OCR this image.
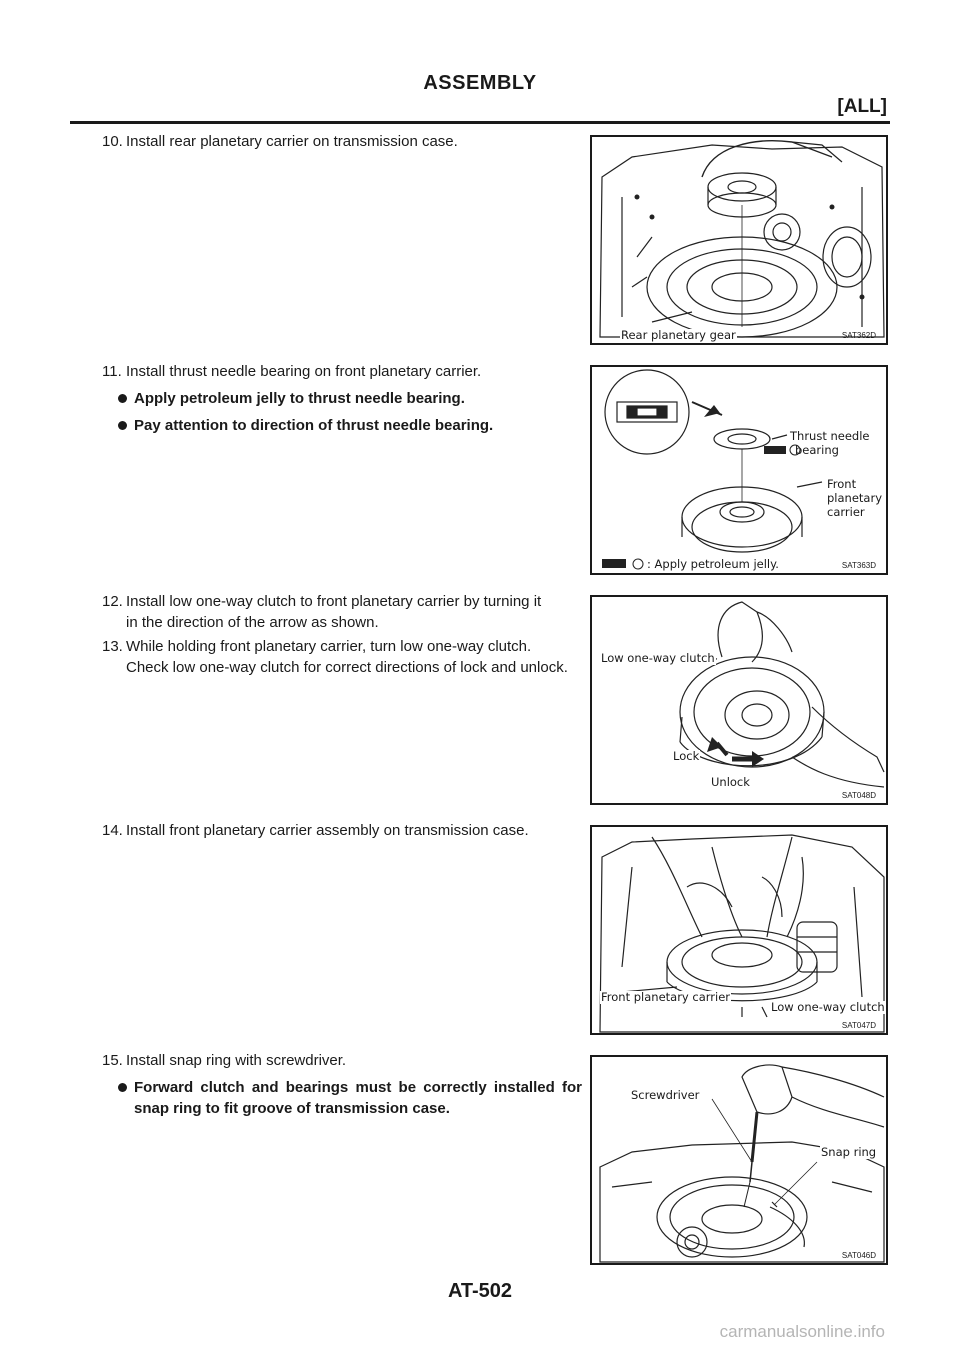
ASSEMBLY
[ALL]
10. Install rear planetary carrier on transmission case.
11. Install thrust needle bearing on front planetary carrier.
Apply petroleum jelly to thrust needle bearing.
Pay attention to direction of thrust needle bearing.
12. Install low one-way clutch to front planetary carrier by turning it
in the direction of the arrow as shown.
13. While holding front planetary carrier, turn low one-way clutch.
Check low one-way clutch for correct directions of lock and unlock.
14. Install front planetary carrier assembly on transmission case.
15. Install snap ring with screwdriver.
Forward clutch and bearings must be correctly installed for snap ring to fit groove of transmission case.
Rear planetary gear	SAT362D
Thrust needle
bearing
Front
planetary
carrier
: Apply petroleum jelly.	SAT363D
Low one-way clutch
Lock
Unlock
SAT048D
Front planetary carrier
Low one-way clutch
SAT047D
Screwdriver
Snap ring
SAT046D
AT-502
carmanualsonline.info
